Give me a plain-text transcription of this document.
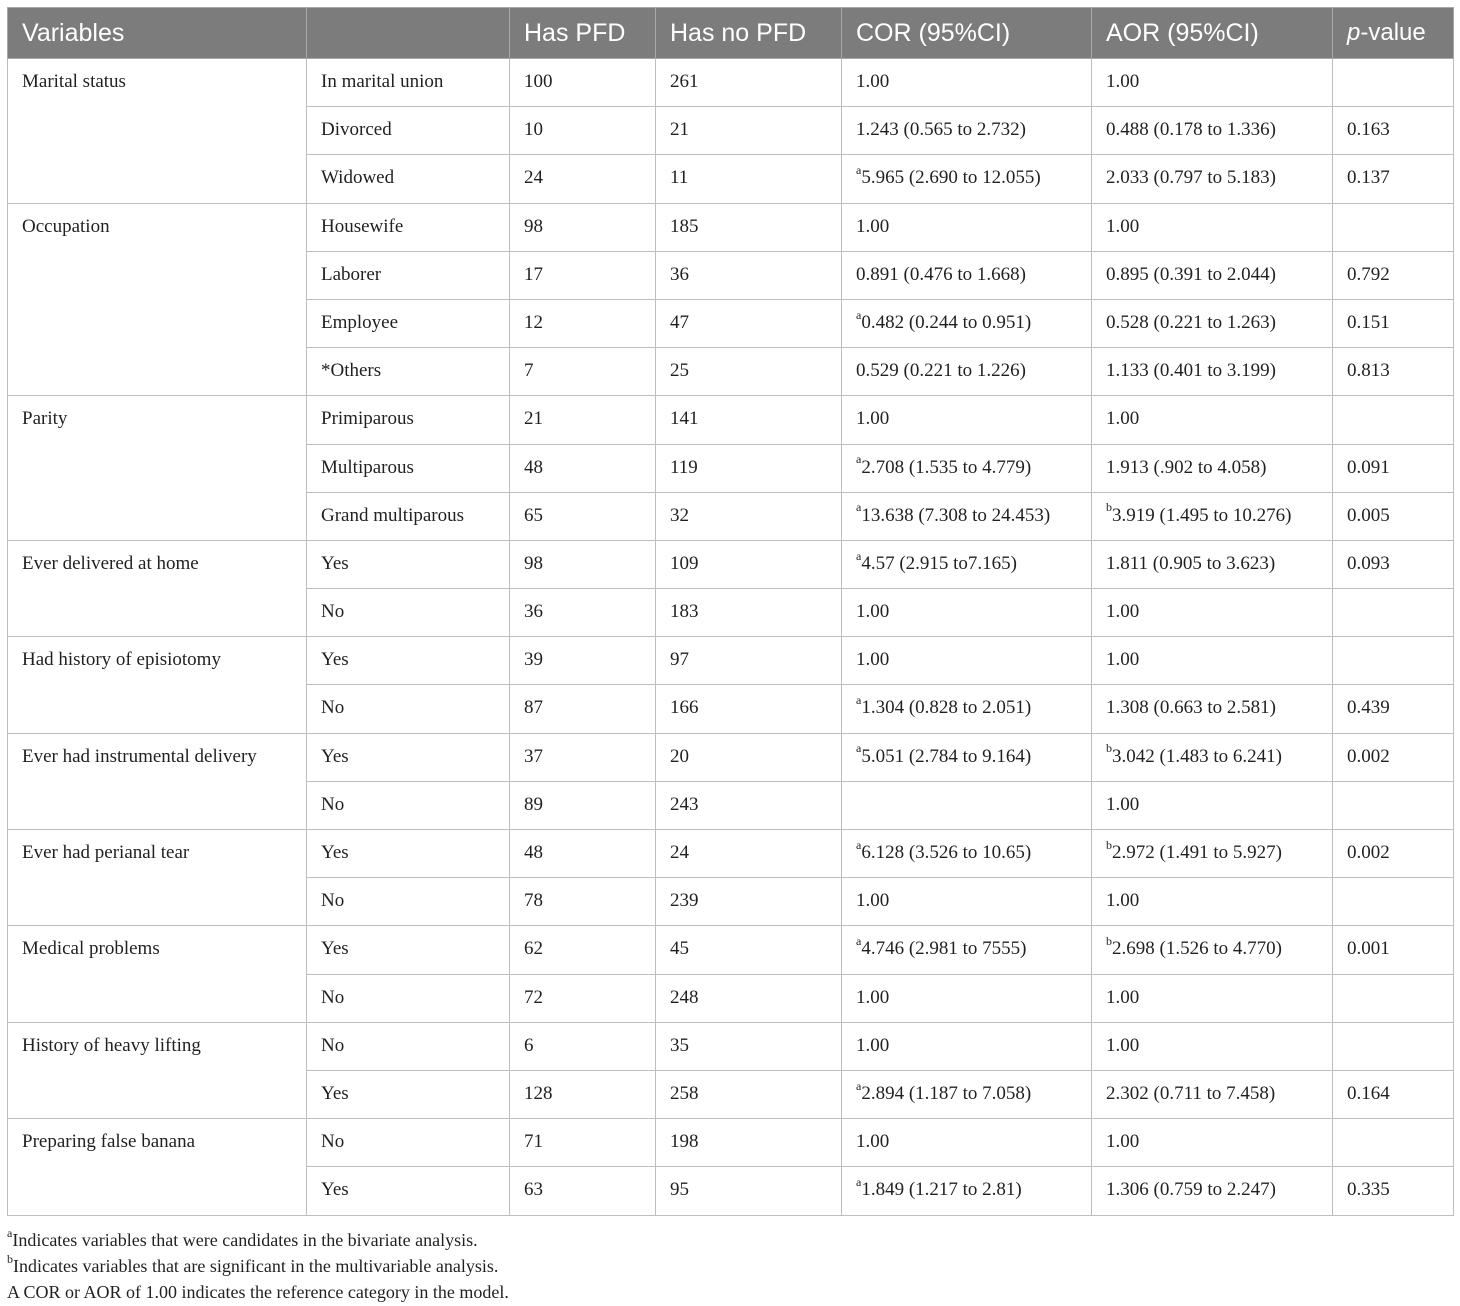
Variables		Has PFD	Has no PFD	COR (95%CI)	AOR (95%CI)	p-value
Marital status	In marital union	100	261	1.00	1.00	
	Divorced	10	21	1.243 (0.565 to 2.732)	0.488 (0.178 to 1.336)	0.163
	Widowed	24	11	$^a$5.965 (2.690 to 12.055)	2.033 (0.797 to 5.183)	0.137
Occupation	Housewife	98	185	1.00	1.00	
	Laborer	17	36	0.891 (0.476 to 1.668)	0.895 (0.391 to 2.044)	0.792
	Employee	12	47	$^a$0.482 (0.244 to 0.951)	0.528 (0.221 to 1.263)	0.151
	*Others	7	25	0.529 (0.221 to 1.226)	1.133 (0.401 to 3.199)	0.813
Parity	Primiparous	21	141	1.00	1.00	
	Multiparous	48	119	$^a$2.708 (1.535 to 4.779)	1.913 (.902 to 4.058)	0.091
	Grand multiparous	65	32	$^a$13.638 (7.308 to 24.453)	$^b$3.919 (1.495 to 10.276)	0.005
Ever delivered at home	Yes	98	109	$^a$4.57 (2.915 to7.165)	1.811 (0.905 to 3.623)	0.093
	No	36	183	1.00	1.00	
Had history of episiotomy	Yes	39	97	1.00	1.00	
	No	87	166	$^a$1.304 (0.828 to 2.051)	1.308 (0.663 to 2.581)	0.439
Ever had instrumental delivery	Yes	37	20	$^a$5.051 (2.784 to 9.164)	$^b$3.042 (1.483 to 6.241)	0.002
	No	89	243		1.00	
Ever had perianal tear	Yes	48	24	$^a$6.128 (3.526 to 10.65)	$^b$2.972 (1.491 to 5.927)	0.002
	No	78	239	1.00	1.00	
Medical problems	Yes	62	45	$^a$4.746 (2.981 to 7555)	$^b$2.698 (1.526 to 4.770)	0.001
	No	72	248	1.00	1.00	
History of heavy lifting	No	6	35	1.00	1.00	
	Yes	128	258	$^a$2.894 (1.187 to 7.058)	2.302 (0.711 to 7.458)	0.164
Preparing false banana	No	71	198	1.00	1.00	
	Yes	63	95	$^a$1.849 (1.217 to 2.81)	1.306 (0.759 to 2.247)	0.335
$^a$Indicates variables that were candidates in the bivariate analysis.
$^b$Indicates variables that are significant in the multivariable analysis.
A COR or AOR of 1.00 indicates the reference category in the model.
